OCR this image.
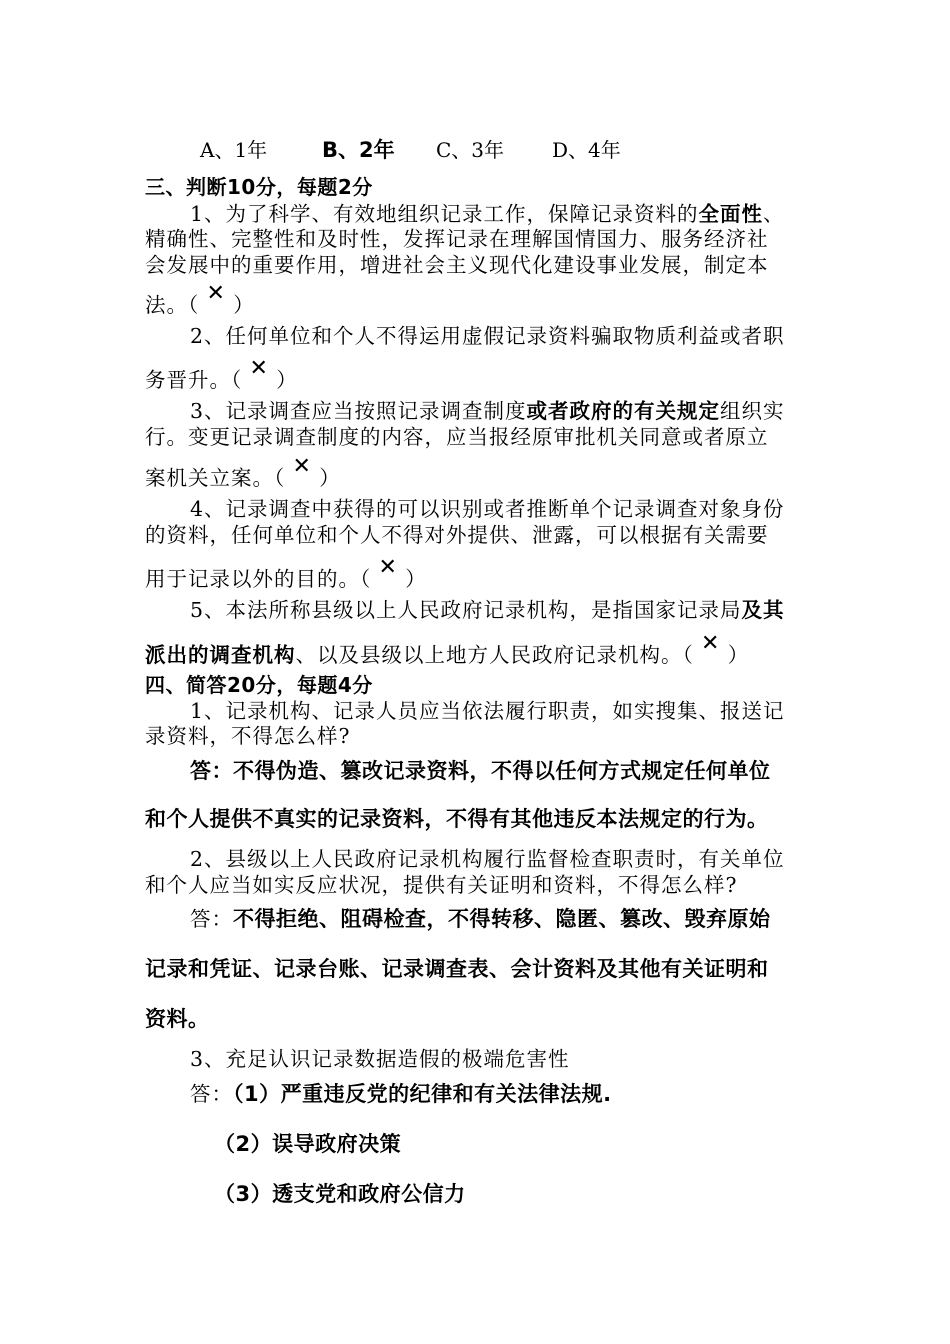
A、1年	B、2年 C、3年 D、4年
三、判断10分，每题2分
1、为了科学、有效地组织记录工作，保障记录资料的全面性、
精确性、完整性和及时性，发挥记录在理解国情国力、服务经济社
会发展中的重要作用，增进社会主义现代化建设事业发展，制定本
法。（ ✕ ）
2、任何单位和个人不得运用虚假记录资料骗取物质利益或者职
务晋升。（ ✕ ）
3、记录调查应当按照记录调查制度或者政府的有关规定组织实
行。变更记录调查制度的内容，应当报经原审批机关同意或者原立
案机关立案。（ ✕ ）
4、记录调查中获得的可以识别或者推断单个记录调查对象身份
的资料，任何单位和个人不得对外提供、泄露，可以根据有关需要
用于记录以外的目的。（ ✕ ）
5、本法所称县级以上人民政府记录机构，是指国家记录局及其
派出的调查机构、以及县级以上地方人民政府记录机构。（ ✕ ）
四、简答20分，每题4分
1、记录机构、记录人员应当依法履行职责，如实搜集、报送记
录资料，不得怎么样?
答：不得伪造、篡改记录资料，不得以任何方式规定任何单位
和个人提供不真实的记录资料，不得有其他违反本法规定的行为。
2、县级以上人民政府记录机构履行监督检查职责时，有关单位
和个人应当如实反应状况，提供有关证明和资料，不得怎么样?
答：不得拒绝、阻碍检查，不得转移、隐匿、篡改、毁弃原始
记录和凭证、记录台账、记录调查表、会计资料及其他有关证明和
资料。
3、充足认识记录数据造假的极端危害性
答：（1）严重违反党的纪律和有关法律法规.
（2）误导政府决策
（3）透支党和政府公信力
